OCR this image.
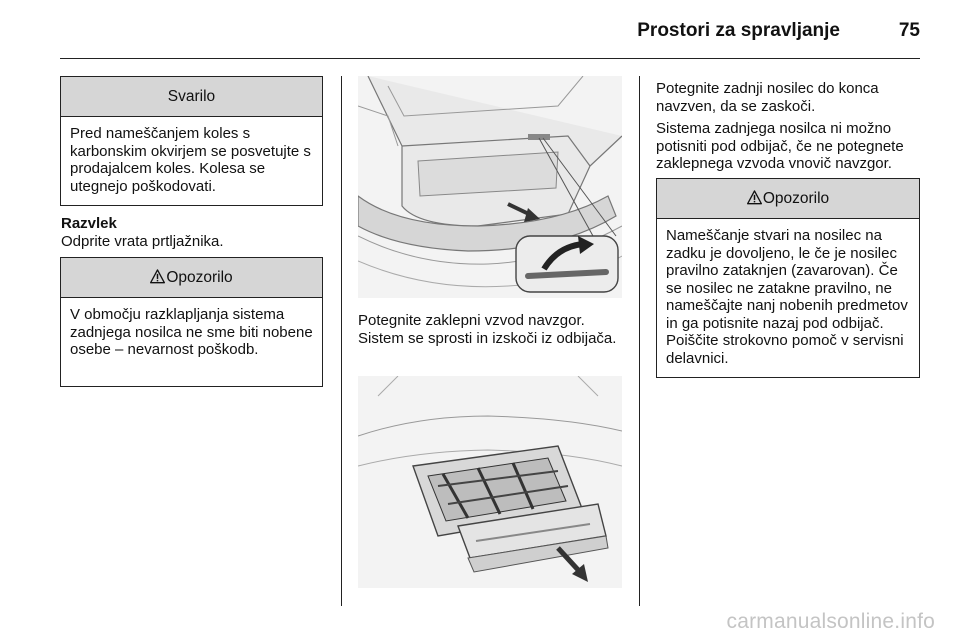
Prostori za spravljanje	75
Svarilo
Pred nameščanjem koles s karbonskim okvirjem se posvetujte s prodajalcem koles. Kolesa se utegnejo poškodovati.

Razvlek

Odprite vrata prtljažnika.

Opozorilo
V območju razklapljanja sistema zadnjega nosilca ne sme biti nobene osebe – nevarnost poškodb.
Potegnite zaklepni vzvod navzgor. Sistem se sprosti in izskoči iz odbijača.

Potegnite zadnji nosilec do konca navzven, da se zaskoči.

Sistema zadnjega nosilca ni možno potisniti pod odbijač, če ne potegnete zaklepnega vzvoda vnovič navzgor.

Opozorilo
Nameščanje stvari na nosilec na zadku je dovoljeno, le če je nosilec pravilno zataknjen (zavarovan). Če se nosilec ne zatakne pravilno, ne nameščajte nanj nobenih predmetov in ga potisnite nazaj pod odbijač. Poiščite strokovno pomoč v servisni delavnici.
carmanualsonline.info
